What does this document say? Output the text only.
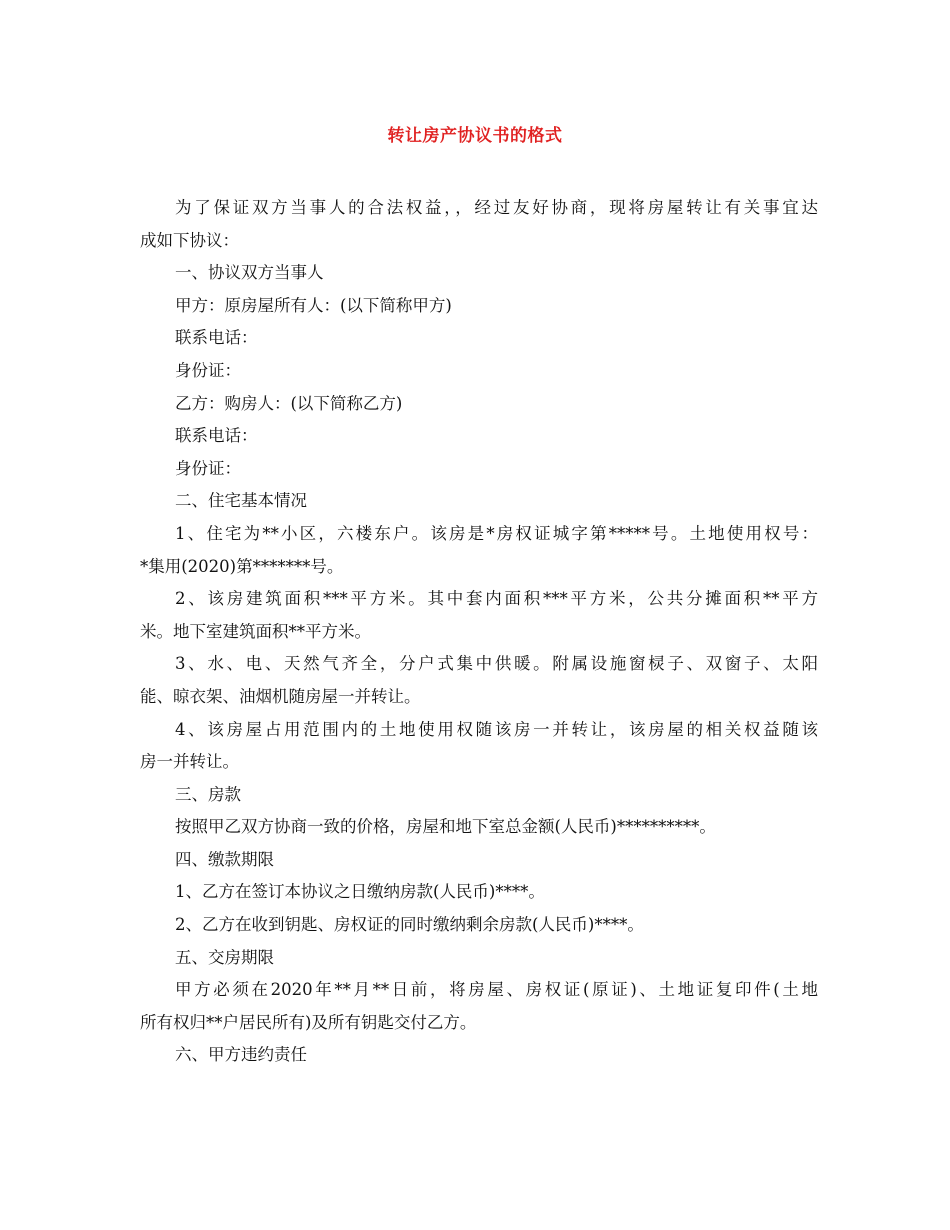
转让房产协议书的格式
为了保证双方当事人的合法权益，，经过友好协商，现将房屋转让有关事宜达
成如下协议：
一、协议双方当事人
甲方：原房屋所有人：(以下简称甲方)
联系电话：
身份证：
乙方：购房人：(以下简称乙方)
联系电话：
身份证：
二、住宅基本情况
1、住宅为**小区，六楼东户。该房是*房权证城字第*****号。土地使用权号：
*集用(2020)第*******号。
2、该房建筑面积***平方米。其中套内面积***平方米，公共分摊面积**平方
米。地下室建筑面积**平方米。
3、水、电、天然气齐全，分户式集中供暖。附属设施窗棂子、双窗子、太阳
能、晾衣架、油烟机随房屋一并转让。
4、该房屋占用范围内的土地使用权随该房一并转让，该房屋的相关权益随该
房一并转让。
三、房款
按照甲乙双方协商一致的价格，房屋和地下室总金额(人民币)**********。
四、缴款期限
1、乙方在签订本协议之日缴纳房款(人民币)****。
2、乙方在收到钥匙、房权证的同时缴纳剩余房款(人民币)****。
五、交房期限
甲方必须在2020年**月**日前，将房屋、房权证(原证)、土地证复印件(土地
所有权归**户居民所有)及所有钥匙交付乙方。
六、甲方违约责任
